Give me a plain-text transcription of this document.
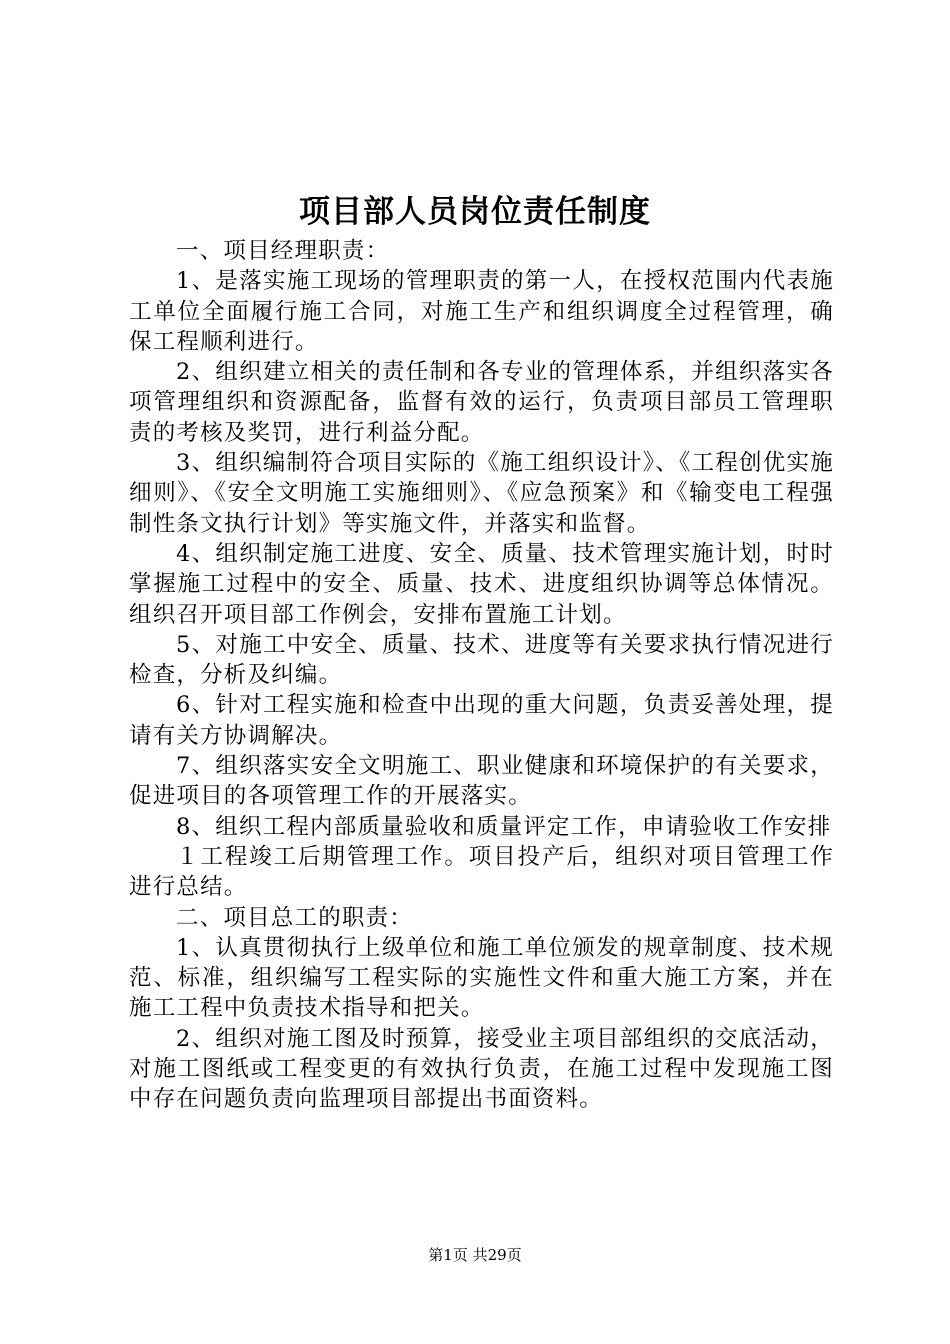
项目部人员岗位责任制度

一、项目经理职责：

1、是落实施工现场的管理职责的第一人，在授权范围内代表施工单位全面履行施工合同，对施工生产和组织调度全过程管理，确保工程顺利进行。

2、组织建立相关的责任制和各专业的管理体系，并组织落实各项管理组织和资源配备，监督有效的运行，负责项目部员工管理职责的考核及奖罚，进行利益分配。

3、组织编制符合项目实际的《施工组织设计》、《工程创优实施细则》、《安全文明施工实施细则》、《应急预案》和《输变电工程强制性条文执行计划》等实施文件，并落实和监督。

4、组织制定施工进度、安全、质量、技术管理实施计划，时时掌握施工过程中的安全、质量、技术、进度组织协调等总体情况。组织召开项目部工作例会，安排布置施工计划。

5、对施工中安全、质量、技术、进度等有关要求执行情况进行检查，分析及纠编。

6、针对工程实施和检查中出现的重大问题，负责妥善处理，提请有关方协调解决。

7、组织落实安全文明施工、职业健康和环境保护的有关要求，促进项目的各项管理工作的开展落实。

8、组织工程内部质量验收和质量评定工作，申请验收工作安排

１工程竣工后期管理工作。项目投产后，组织对项目管理工作进行总结。

二、项目总工的职责：

1、认真贯彻执行上级单位和施工单位颁发的规章制度、技术规范、标准，组织编写工程实际的实施性文件和重大施工方案，并在施工工程中负责技术指导和把关。

2、组织对施工图及时预算，接受业主项目部组织的交底活动，对施工图纸或工程变更的有效执行负责，在施工过程中发现施工图中存在问题负责向监理项目部提出书面资料。

第1页 共29页
